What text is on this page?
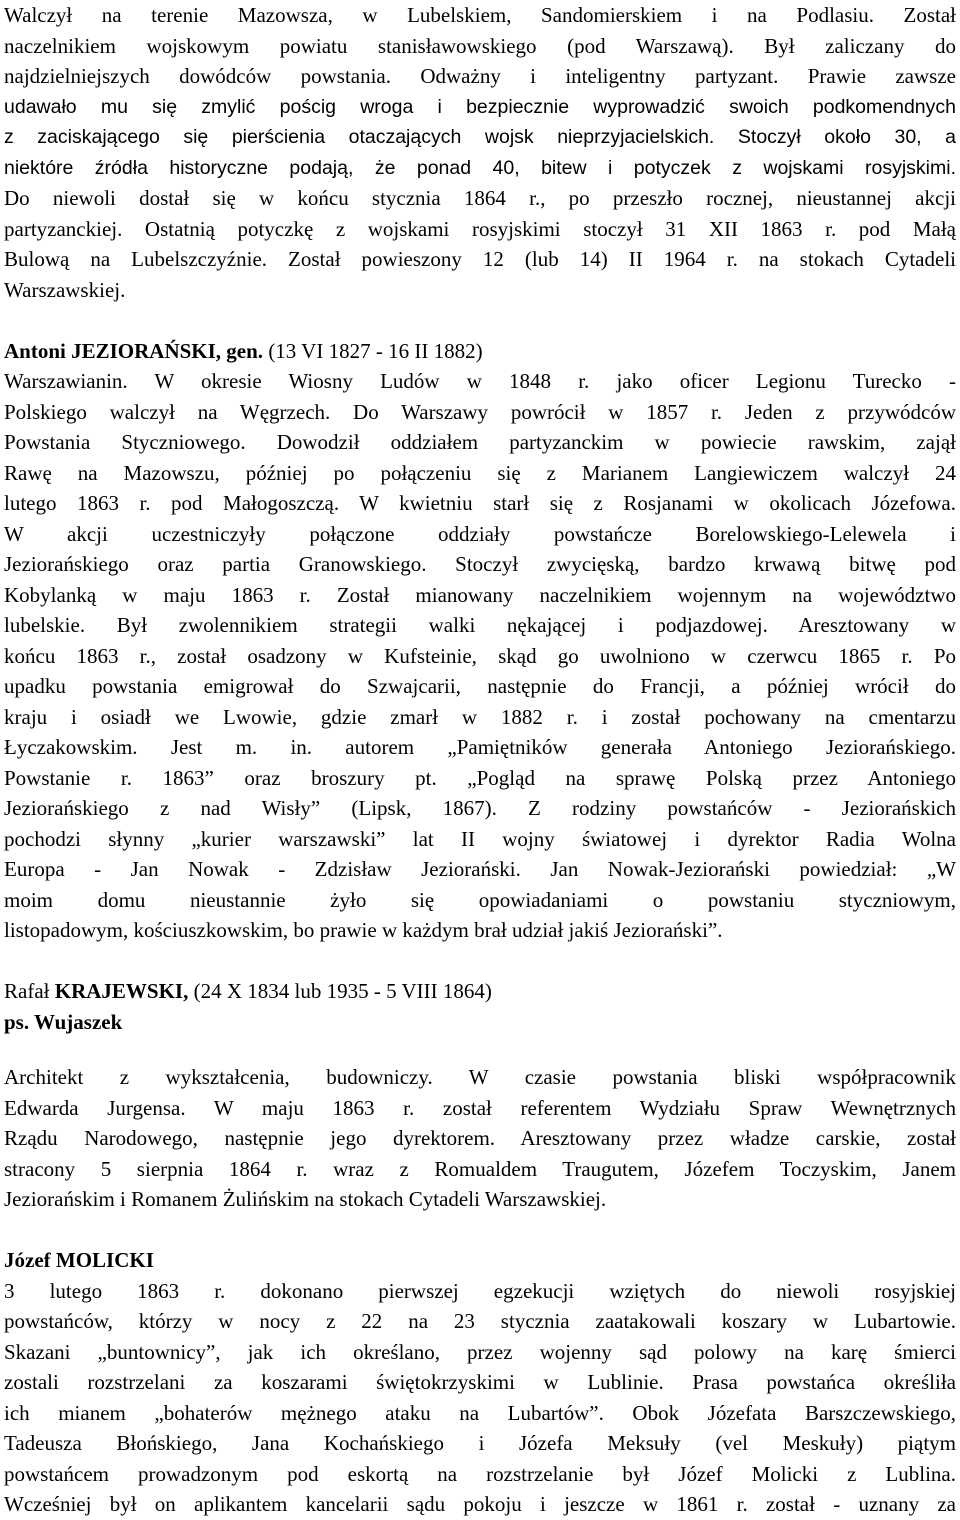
Walczył na terenie Mazowsza, w Lubelskiem, Sandomierskiem i na Podlasiu. Został
naczelnikiem wojskowym powiatu stanisławowskiego (pod Warszawą). Był zaliczany do
najdzielniejszych dowódców powstania. Odważny i inteligentny partyzant. Prawie zawsze
udawało mu się zmylić pościg wroga i bezpiecznie wyprowadzić swoich podkomendnych
z zaciskającego się pierścienia otaczających wojsk nieprzyjacielskich. Stoczył około 30, a
niektóre źródła historyczne podają, że ponad 40, bitew i potyczek z wojskami rosyjskimi.
Do niewoli dostał się w końcu stycznia 1864 r., po przeszło rocznej, nieustannej akcji
partyzanckiej. Ostatnią potyczkę z wojskami rosyjskimi stoczył 31 XII 1863 r. pod Małą
Bulową na Lubelszczyźnie. Został powieszony 12 (lub 14) II 1964 r. na stokach Cytadeli
Warszawskiej.
Antoni JEZIORAŃSKI, gen. (13 VI 1827 - 16 II 1882)
Warszawianin. W okresie Wiosny Ludów w 1848 r. jako oficer Legionu Turecko -
Polskiego walczył na Węgrzech. Do Warszawy powrócił w 1857 r. Jeden z przywódców
Powstania Styczniowego. Dowodził oddziałem partyzanckim w powiecie rawskim, zajął
Rawę na Mazowszu, później po połączeniu się z Marianem Langiewiczem walczył 24
lutego 1863 r. pod Małogoszczą. W kwietniu starł się z Rosjanami w okolicach Józefowa.
W akcji uczestniczyły połączone oddziały powstańcze Borelowskiego-Lelewela i
Jeziorańskiego oraz partia Granowskiego. Stoczył zwycięską, bardzo krwawą bitwę pod
Kobylanką w maju 1863 r. Został mianowany naczelnikiem wojennym na województwo
lubelskie. Był zwolennikiem strategii walki nękającej i podjazdowej. Aresztowany w
końcu 1863 r., został osadzony w Kufsteinie, skąd go uwolniono w czerwcu 1865 r. Po
upadku powstania emigrował do Szwajcarii, następnie do Francji, a później wrócił do
kraju i osiadł we Lwowie, gdzie zmarł w 1882 r. i został pochowany na cmentarzu
Łyczakowskim. Jest m. in. autorem „Pamiętników generała Antoniego Jeziorańskiego.
Powstanie r. 1863” oraz broszury pt. „Pogląd na sprawę Polską przez Antoniego
Jeziorańskiego z nad Wisły” (Lipsk, 1867). Z rodziny powstańców - Jeziorańskich
pochodzi słynny „kurier warszawski” lat II wojny światowej i dyrektor Radia Wolna
Europa - Jan Nowak - Zdzisław Jeziorański. Jan Nowak-Jeziorański powiedział: „W
moim domu nieustannie żyło się opowiadaniami o powstaniu styczniowym,
listopadowym, kościuszkowskim, bo prawie w każdym brał udział jakiś Jeziorański”.
Rafał KRAJEWSKI, (24 X 1834 lub 1935 - 5 VIII 1864)
ps. Wujaszek
Architekt z wykształcenia, budowniczy. W czasie powstania bliski współpracownik
Edwarda Jurgensa. W maju 1863 r. został referentem Wydziału Spraw Wewnętrznych
Rządu Narodowego, następnie jego dyrektorem. Aresztowany przez władze carskie, został
stracony 5 sierpnia 1864 r. wraz z Romualdem Traugutem, Józefem Toczyskim, Janem
Jeziorańskim i Romanem Żulińskim na stokach Cytadeli Warszawskiej.
Józef MOLICKI
3 lutego 1863 r. dokonano pierwszej egzekucji wziętych do niewoli rosyjskiej
powstańców, którzy w nocy z 22 na 23 stycznia zaatakowali koszary w Lubartowie.
Skazani „buntownicy”, jak ich określano, przez wojenny sąd polowy na karę śmierci
zostali rozstrzelani za koszarami świętokrzyskimi w Lublinie. Prasa powstańca określiła
ich mianem „bohaterów mężnego ataku na Lubartów”. Obok Józefata Barszczewskiego,
Tadeusza Błońskiego, Jana Kochańskiego i Józefa Meksuły (vel Meskuły) piątym
powstańcem prowadzonym pod eskortą na rozstrzelanie był Józef Molicki z Lublina.
Wcześniej był on aplikantem kancelarii sądu pokoju i jeszcze w 1861 r. został - uznany za
